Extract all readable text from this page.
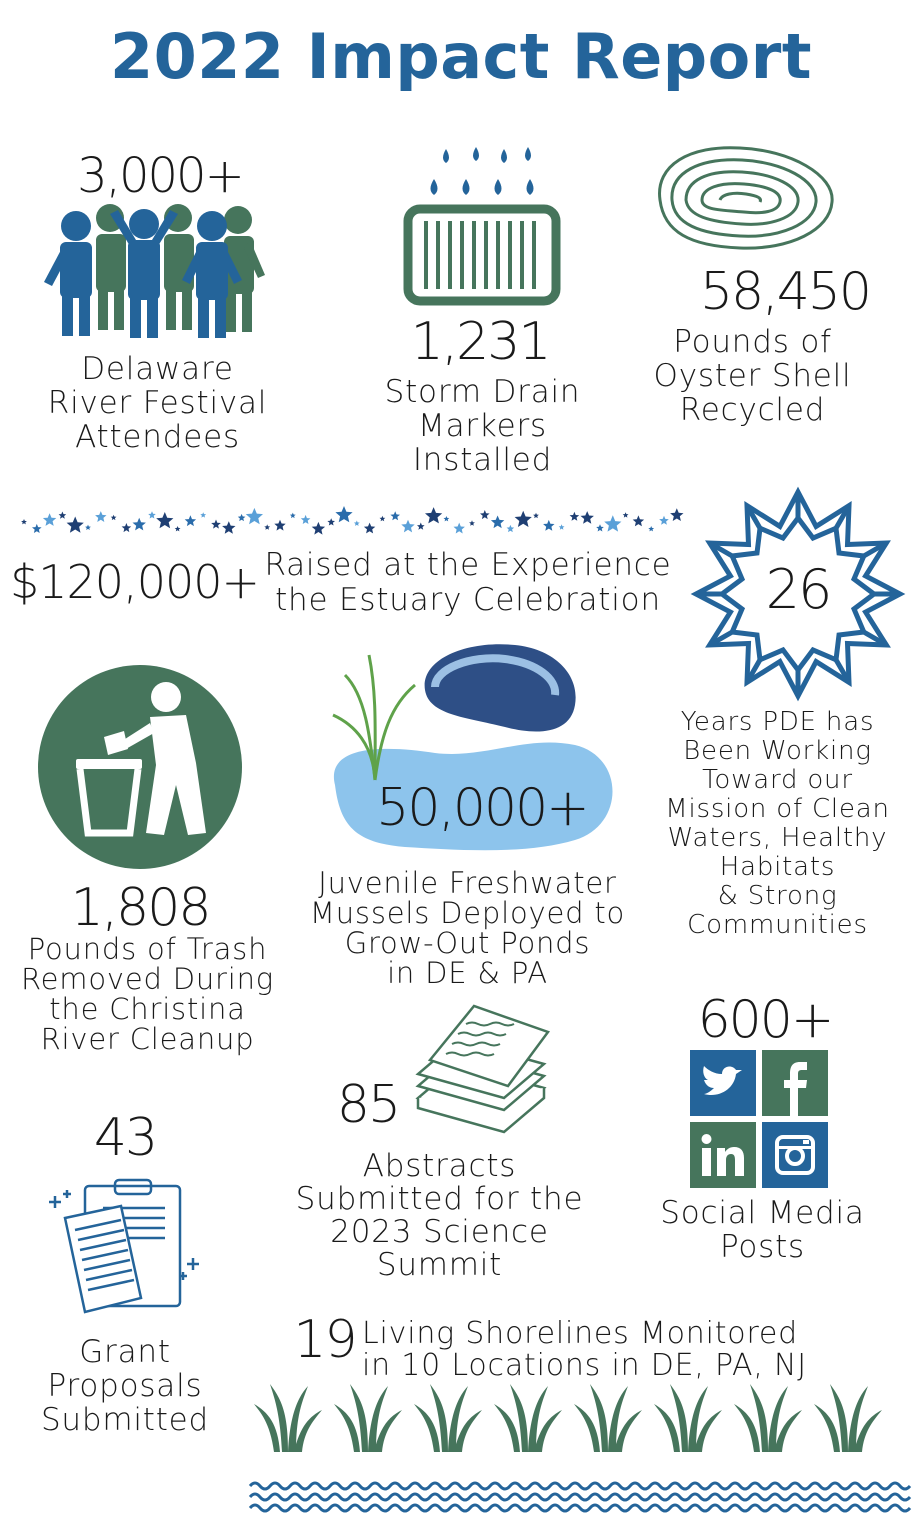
2022 Impact Report
3,000+
Delaware
River Festival
Attendees
1,231
Storm Drain
Markers
Installed
58,450
Pounds of
Oyster Shell
Recycled
$120,000+ Raised at the Experience
the Estuary Celebration	26
Years PDE has
Been Working
Toward our
Mission of Clean
Waters, Healthy
Habitats
& Strong
Communities
1,808
Pounds of Trash
Removed During
the Christina
River Cleanup
50,000+
Juvenile Freshwater
Mussels Deployed to
Grow-Out Ponds
in DE & PA
600+
Social Media
Posts
43
Grant
Proposals
Submitted
85
Abstracts
Submitted for the
2023 Science
Summit
19 Living Shorelines Monitored
in 10 Locations in DE, PA, NJ
